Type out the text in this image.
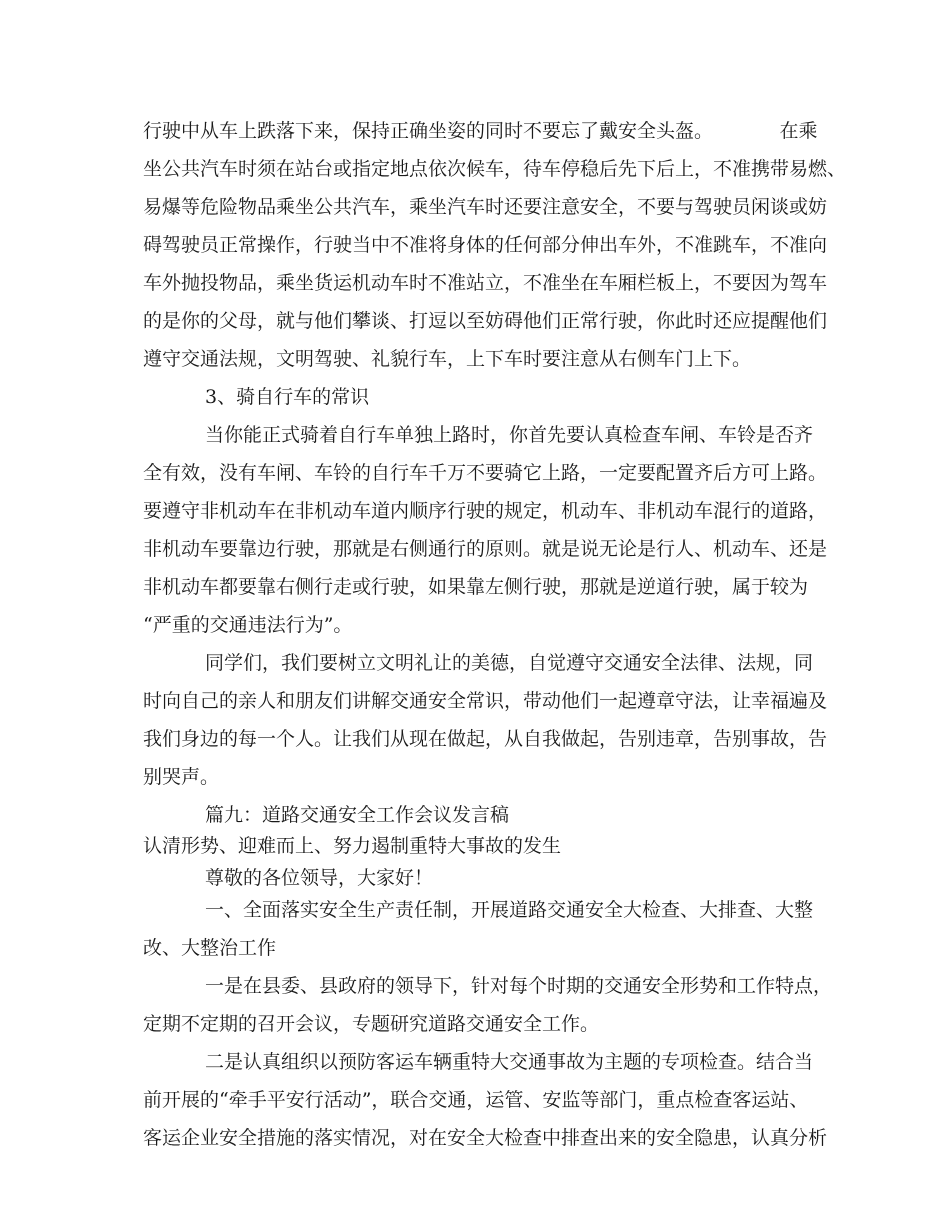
行驶中从车上跌落下来，保持正确坐姿的同时不要忘了戴安全头盔。　　　　在乘
坐公共汽车时须在站台或指定地点依次候车，待车停稳后先下后上，不准携带易燃、
易爆等危险物品乘坐公共汽车，乘坐汽车时还要注意安全，不要与驾驶员闲谈或妨
碍驾驶员正常操作，行驶当中不准将身体的任何部分伸出车外，不准跳车，不准向
车外抛投物品，乘坐货运机动车时不准站立，不准坐在车厢栏板上，不要因为驾车
的是你的父母，就与他们攀谈、打逗以至妨碍他们正常行驶，你此时还应提醒他们
遵守交通法规，文明驾驶、礼貌行车，上下车时要注意从右侧车门上下。
3、骑自行车的常识
当你能正式骑着自行车单独上路时，你首先要认真检查车闸、车铃是否齐
全有效，没有车闸、车铃的自行车千万不要骑它上路，一定要配置齐后方可上路。
要遵守非机动车在非机动车道内顺序行驶的规定，机动车、非机动车混行的道路，
非机动车要靠边行驶，那就是右侧通行的原则。就是说无论是行人、机动车、还是
非机动车都要靠右侧行走或行驶，如果靠左侧行驶，那就是逆道行驶，属于较为
“严重的交通违法行为”。
同学们，我们要树立文明礼让的美德，自觉遵守交通安全法律、法规，同
时向自己的亲人和朋友们讲解交通安全常识，带动他们一起遵章守法，让幸福遍及
我们身边的每一个人。让我们从现在做起，从自我做起，告别违章，告别事故，告
别哭声。
篇九：道路交通安全工作会议发言稿
认清形势、迎难而上、努力遏制重特大事故的发生
尊敬的各位领导，大家好！
一、全面落实安全生产责任制，开展道路交通安全大检查、大排查、大整
改、大整治工作
一是在县委、县政府的领导下，针对每个时期的交通安全形势和工作特点，
定期不定期的召开会议，专题研究道路交通安全工作。
二是认真组织以预防客运车辆重特大交通事故为主题的专项检查。结合当
前开展的“牵手平安行活动”，联合交通，运管、安监等部门，重点检查客运站、
客运企业安全措施的落实情况，对在安全大检查中排查出来的安全隐患，认真分析
